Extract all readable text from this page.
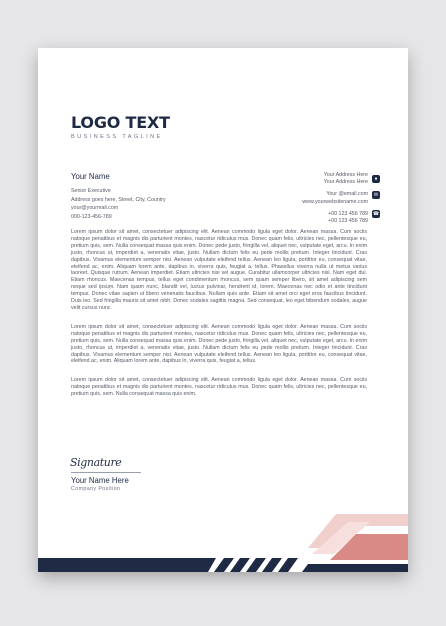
LOGO TEXT
BUSINESS TAGLINE
Your Name
Senior Executive
Address goes here, Street, City, Country
your@yourmail.com
000-123-456-789
Your Address Here
Your Address Here
Your @email.com
www.yourwebsitename.com
+00 123 456 789
+00 123 456 789
●
✉
☎

Lorem ipsum dolor sit amet, consectetuer adipiscing elit. Aenean commodo ligula eget dolor. Aenean massa. Cum sociis natoque penatibus et magnis dis parturient montes, nascetur ridiculus mus. Donec quam felis, ultricies nec, pellentesque eu, pretium quis, sem. Nulla consequat massa quis enim. Donec pede justo, fringilla vel, aliquet nec, vulputate eget, arcu. In enim justo, rhoncus ut, imperdiet a, venenatis vitae, justo. Nullam dictum felis eu pede mollis pretium. Integer tincidunt. Cras dapibus. Vivamus elementum semper nisi. Aenean vulputate eleifend tellus. Aenean leo ligula, porttitor eu, consequat vitae, eleifend ac, enim. Aliquam lorem ante, dapibus in, viverra quis, feugiat a, tellus. Phasellus viverra nulla ut metus varius laoreet. Quisque rutrum. Aenean imperdiet. Etiam ultricies nisi vel augue. Curabitur ullamcorper ultricies nisi. Nam eget dui. Etiam rhoncus. Maecenas tempus, tellus eget condimentum rhoncus, sem quam semper libero, sit amet adipiscing sem neque sed ipsum. Nam quam nunc, blandit vel, luctus pulvinar, hendrerit id, lorem. Maecenas nec odio et ante tincidunt tempus. Donec vitae sapien ut libero venenatis faucibus. Nullam quis ante. Etiam sit amet orci eget eros faucibus tincidunt. Duis leo. Sed fringilla mauris sit amet nibh. Donec sodales sagittis magna. Sed consequat, leo eget bibendum sodales, augue velit cursus nunc.

Lorem ipsum dolor sit amet, consectetuer adipiscing elit. Aenean commodo ligula eget dolor. Aenean massa. Cum sociis natoque penatibus et magnis dis parturient montes, nascetur ridiculus mus. Donec quam felis, ultricies nec, pellentesque eu, pretium quis, sem. Nulla consequat massa quis enim. Donec pede justo, fringilla vel, aliquet nec, vulputate eget, arcu. In enim justo, rhoncus ut, imperdiet a, venenatis vitae, justo. Nullam dictum felis eu pede mollis pretium. Integer tincidunt. Cras dapibus. Vivamus elementum semper nisi. Aenean vulputate eleifend tellus. Aenean leo ligula, porttitor eu, consequat vitae, eleifend ac, enim. Aliquam lorem ante, dapibus in, viverra quis, feugiat a, tellus.

Lorem ipsum dolor sit amet, consectetuer adipiscing elit. Aenean commodo ligula eget dolor. Aenean massa. Cum sociis natoque penatibus et magnis dis parturient montes, nascetur ridiculus mus. Donec quam felis, ultricies nec, pellentesque eu, pretium quis, sem. Nulla consequat massa quis enim.

Signature
Your Name Here
Company Position
